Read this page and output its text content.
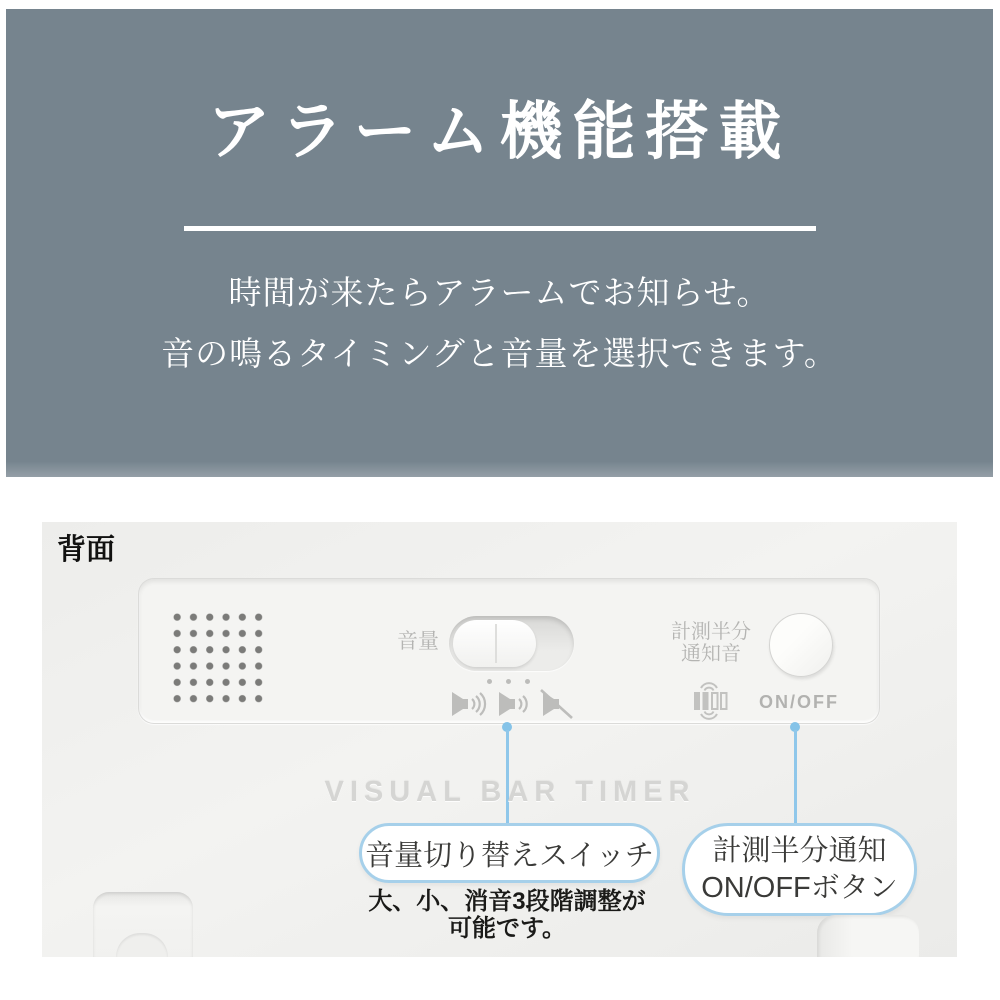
アラーム機能搭載

時間が来たらアラームでお知らせ。

音の鳴るタイミングと音量を選択できます。

背面
音量	計測半分
通知音
ON/OFF
VISUAL BAR TIMER
音量切り替えスイッチ	計測半分通知
ON/OFFボタン
大、小、消音3段階調整が
可能です。
